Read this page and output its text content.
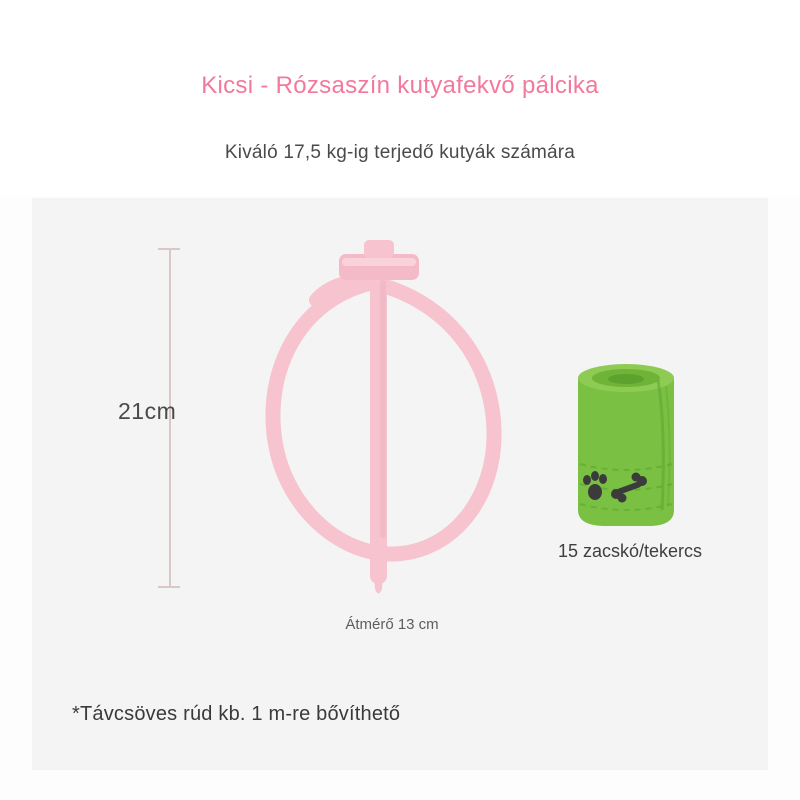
Kicsi - Rózsaszín kutyafekvő pálcika
Kiváló 17,5 kg-ig terjedő kutyák számára
21cm
Átmérő 13 cm
15 zacskó/tekercs
*Távcsöves rúd kb. 1 m-re bővíthető
